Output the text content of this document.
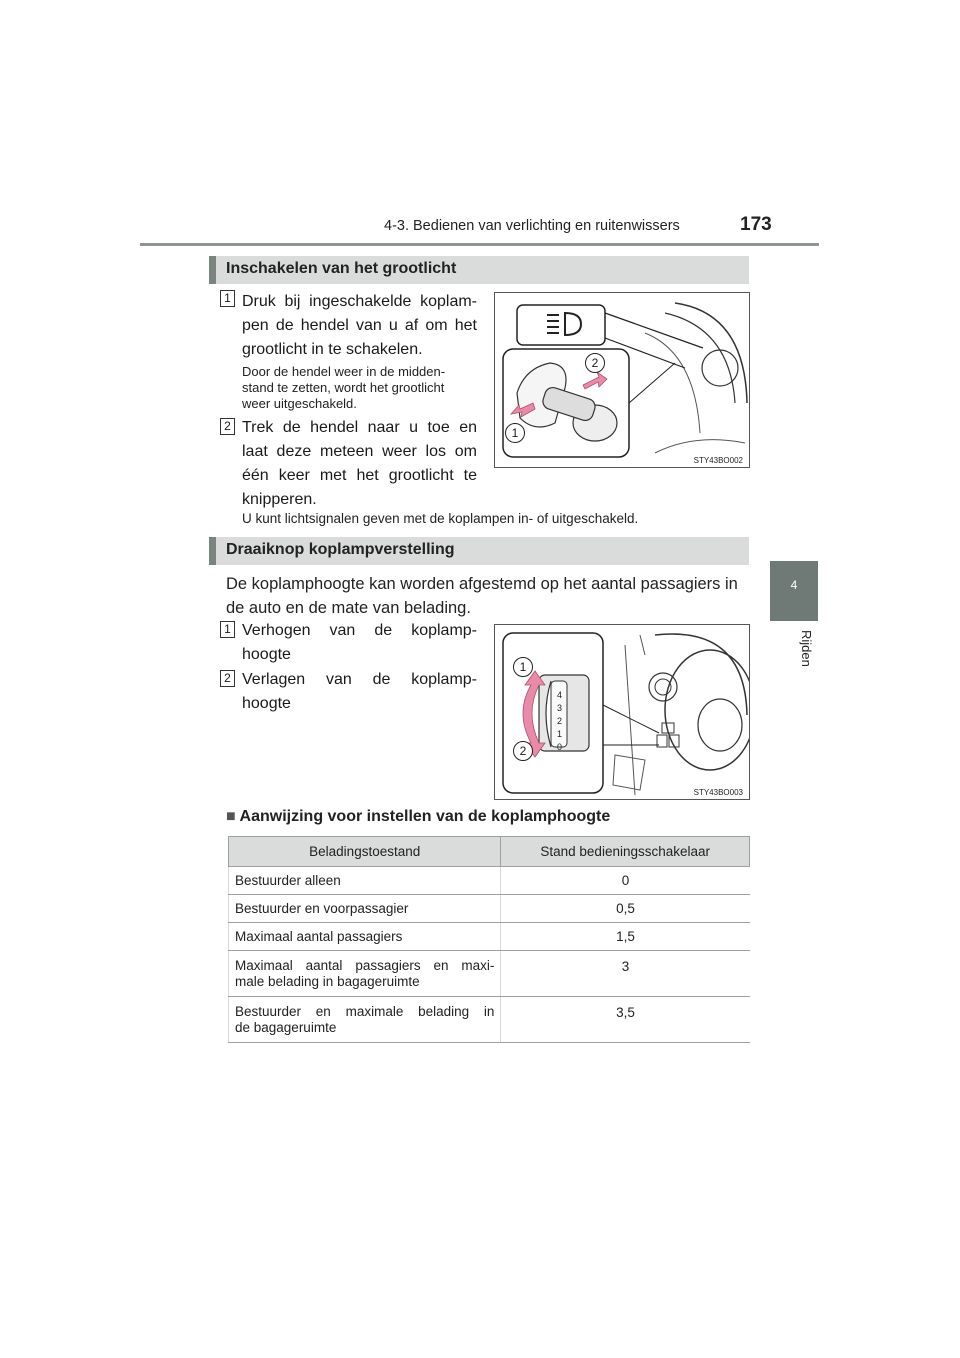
4-3. Bedienen van verlichting en ruitenwissers	173
4
Rijden
Inschakelen van het grootlicht
1 Druk bij ingeschakelde koplam-
pen de hendel van u af om het
grootlicht in te schakelen.
Door de hendel weer in de midden-
stand te zetten, wordt het grootlicht
weer uitgeschakeld.
2 Trek de hendel naar u toe en
laat deze meteen weer los om
één keer met het grootlicht te
knipperen.
2
1
STY43BO002
U kunt lichtsignalen geven met de koplampen in- of uitgeschakeld.
Draaiknop koplampverstelling
De koplamphoogte kan worden afgestemd op het aantal passagiers in
de auto en de mate van belading.
1 Verhogen van de koplamp-
hoogte
2 Verlagen van de koplamp-
hoogte	4
3
2
1
0
1
2
STY43BO003
■ Aanwijzing voor instellen van de koplamphoogte
Beladingstoestand	Stand bedieningsschakelaar
Bestuurder alleen	0
Bestuurder en voorpassagier	0,5
Maximaal aantal passagiers	1,5

Maximaal aantal passagiers en maxi-
male belading in bagageruimte	3

Bestuurder en maximale belading in
de bagageruimte	3,5
